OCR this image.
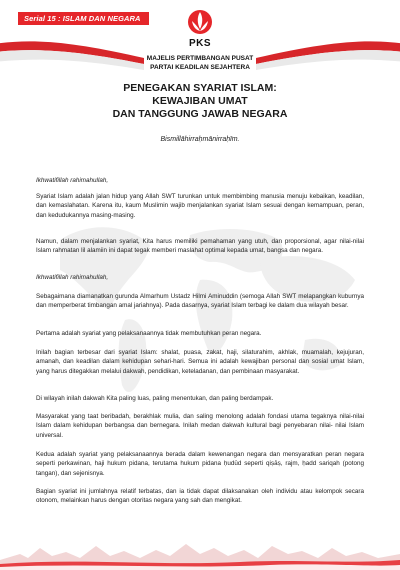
Serial 15 : ISLAM DAN NEGARA
PKS
MAJELIS PERTIMBANGAN PUSAT
PARTAI KEADILAN SEJAHTERA
PENEGAKAN SYARIAT ISLAM:
KEWAJIBAN UMAT
DAN TANGGUNG JAWAB NEGARA
Bismillāhirraḥmānirraḥīm.
Ikhwatifillah rahimahullah,
Syariat Islam adalah jalan hidup yang Allah SWT turunkan untuk membimbing manusia menuju kebaikan, keadilan, dan kemaslahatan. Karena itu, kaum Muslimin wajib menjalankan syariat Islam sesuai dengan kemampuan, peran, dan kedudukannya masing-masing.
Namun, dalam menjalankan syariat, Kita harus memiliki pemahaman yang utuh, dan proporsional, agar nilai-nilai Islam rahmatan lil alamiin ini dapat tegak memberi maslahat optimal kepada umat, bangsa dan negara.
Ikhwatifillah rahimahullah,
Sebagaimana diamanatkan gurunda Almarhum Ustadz Hilmi Aminuddin (semoga Allah SWT melapangkan kuburnya dan memperberat timbangan amal jariahnya). Pada dasarnya, syariat Islam terbagi ke dalam dua wilayah besar.
Pertama adalah syariat yang pelaksanaannya tidak membutuhkan peran negara.
Inilah bagian terbesar dari syariat Islam: shalat, puasa, zakat, haji, silaturahim, akhlak, muamalah, kejujuran, amanah, dan keadilan dalam kehidupan sehari-hari. Semua ini adalah kewajiban personal dan sosial umat Islam, yang harus ditegakkan melalui dakwah, pendidikan, keteladanan, dan pembinaan masyarakat.
Di wilayah inilah dakwah Kita paling luas, paling menentukan, dan paling berdampak.
Masyarakat yang taat beribadah, berakhlak mulia, dan saling menolong adalah fondasi utama tegaknya nilai-nilai Islam dalam kehidupan berbangsa dan bernegara. Inilah medan dakwah kultural bagi penyebaran nilai- nilai Islam universal.
Kedua adalah syariat yang pelaksanaannya berada dalam kewenangan negara dan mensyaratkan peran negara seperti perkawinan, haji hukum pidana, terutama hukum pidana ḥudūd seperti qiṣāṣ, rajm, ḥadd sariqah (potong tangan), dan sejenisnya.
Bagian syariat ini jumlahnya relatif terbatas, dan ia tidak dapat dilaksanakan oleh individu atau kelompok secara otonom, melainkan harus dengan otoritas negara yang sah dan mengikat.
